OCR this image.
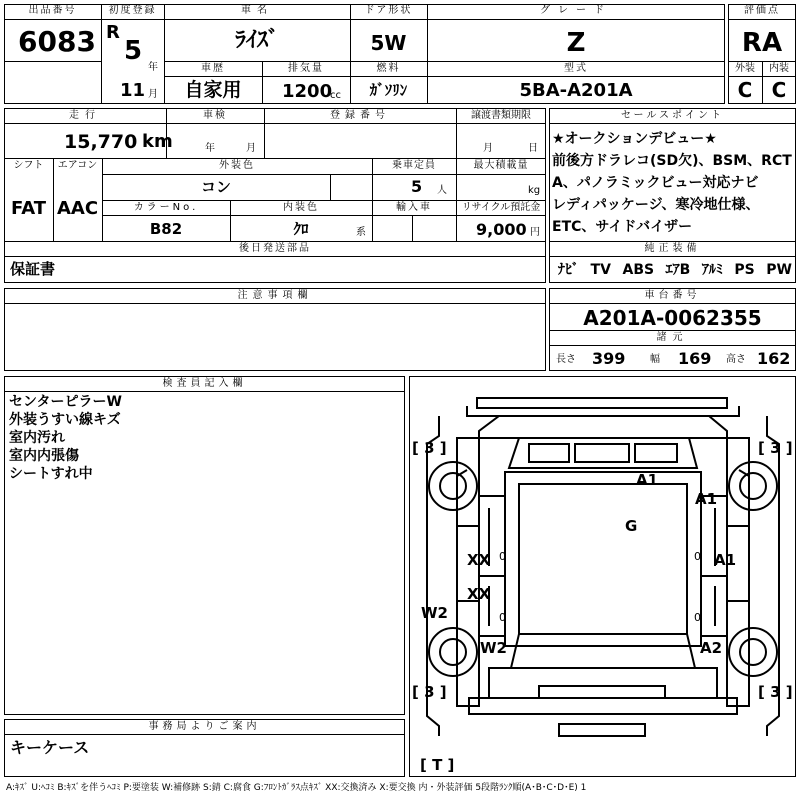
出品番号
6083
初度登録
R
5
年
11 月
車名
ﾗｲｽﾞ
ドア形状
5W
グレード
Z
評価点
RA
車歴
自家用
排気量
1200
cc
燃料
ｶﾞｿﾘﾝ
型式
5BA-A201A
外装	内装
C C
走行
15,770 km
車検
年	月
登録番号	譲渡書類期限
月	日
シフト	エアコン
FAT AAC
外装色
コン
乗車定員
5 人
最大積載量
kg
カラーNo.
B82
内装色
ｸﾛ	系
輸入車	リサイクル預託金
9,000 円
後日発送部品
保証書
セールスポイント
★オークションデビュー★
前後方ドラレコ(SD欠)、BSM、RCT
A、パノラミックビュー対応ナビ
レディパッケージ、寒冷地仕様、
ETC、サイドバイザー
純正装備
ﾅﾋﾞ TV ABS ｴｱB ｱﾙﾐ PS PW
注意事項欄	車台番号
A201A-0062355
諸元
長さ 399 幅 169 高さ 162
検査員記入欄
センターピラーW
外装うすい線キズ
室内汚れ
室内内張傷
シートすれ中
事務局よりご案内
キーケース
[ 3 ]	[ 3 ]
[ 3 ]	[ 3 ]
[ T ]
A1
A1
G
A1
XX
XX
W2
W2	A2
0
0
0
0
A:ｷｽﾞ U:ﾍｺﾐ B:ｷｽﾞを伴うﾍｺﾐ P:要塗装 W:補修跡 S:錆 C:腐食 G:ﾌﾛﾝﾄｶﾞﾗｽ点ｷｽﾞ XX:交換済み X:要交換 内・外装評価 5段階ﾗﾝｸ順(A･B･C･D･E) 1
